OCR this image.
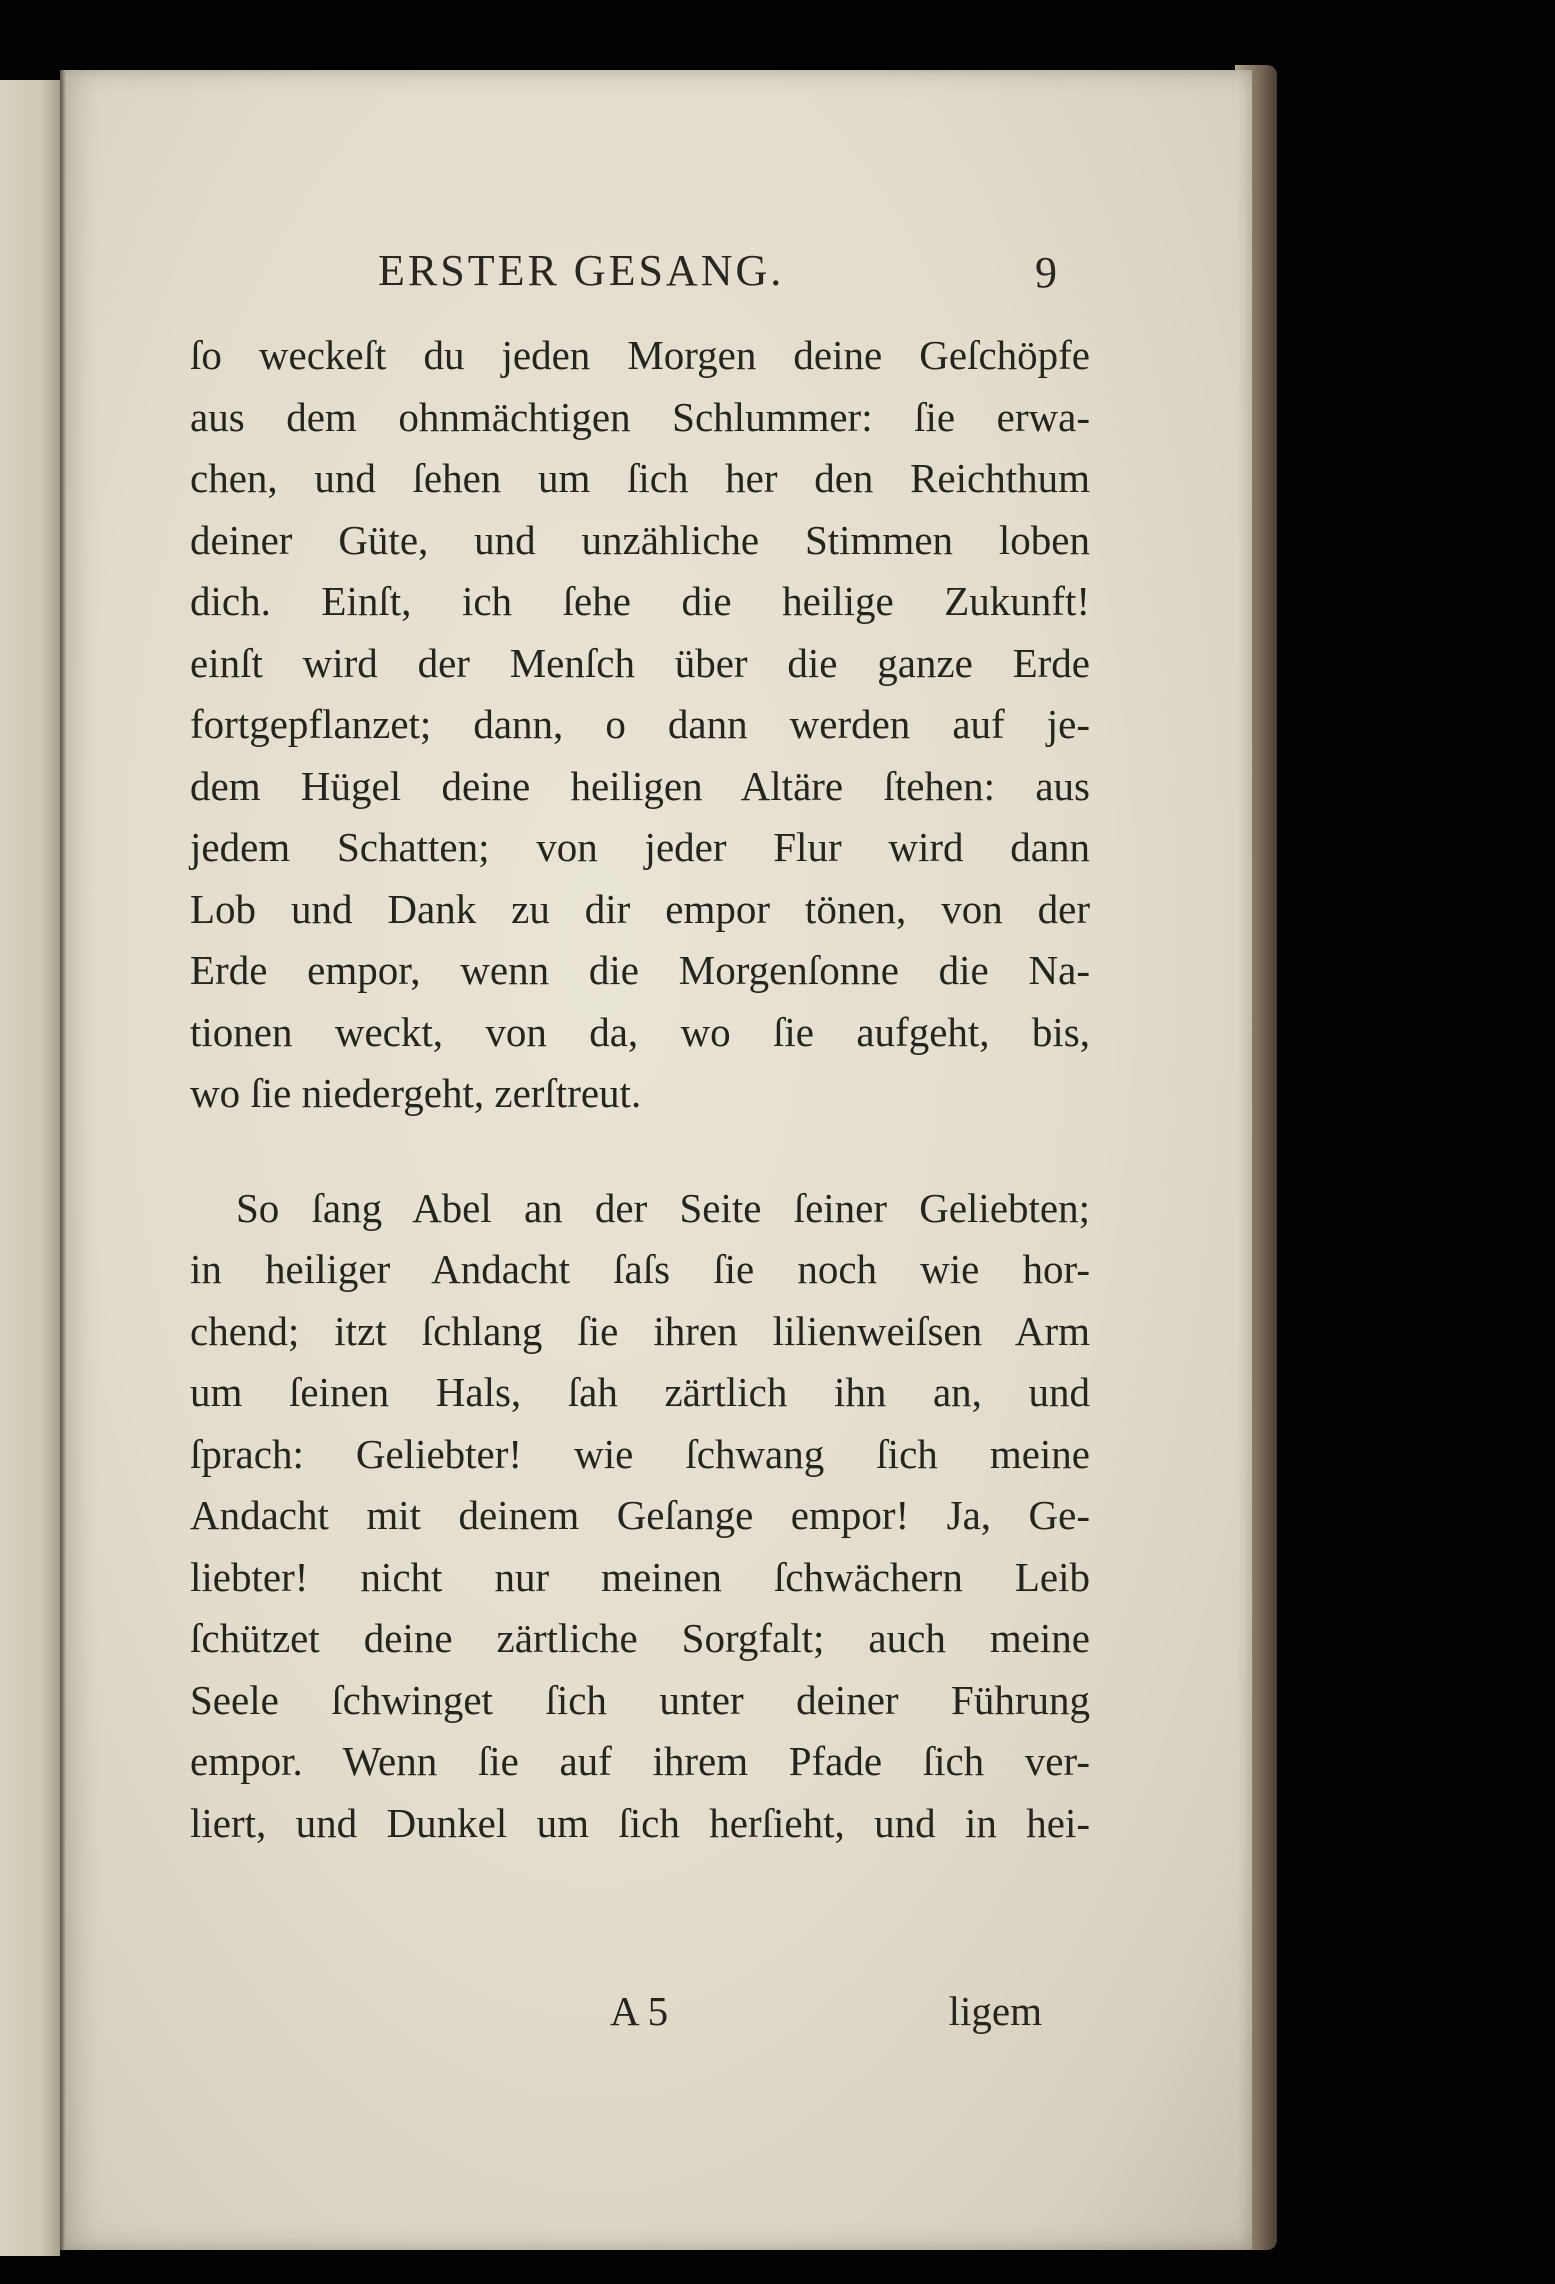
ERSTER GESANG.	9
ſo weckeſt du jeden Morgen deine Geſchöpfe
aus dem ohnmächtigen Schlummer: ſie erwa-
chen, und ſehen um ſich her den Reichthum
deiner Güte, und unzähliche Stimmen loben
dich. Einſt, ich ſehe die heilige Zukunft!
einſt wird der Menſch über die ganze Erde
fortgepflanzet; dann, o dann werden auf je-
dem Hügel deine heiligen Altäre ſtehen: aus
jedem Schatten; von jeder Flur wird dann
Lob und Dank zu dir empor tönen, von der
Erde empor, wenn die Morgenſonne die Na-
tionen weckt, von da, wo ſie aufgeht, bis,
wo ſie niedergeht, zerſtreut.
So ſang Abel an der Seite ſeiner Geliebten;
in heiliger Andacht ſaſs ſie noch wie hor-
chend; itzt ſchlang ſie ihren lilienweiſsen Arm
um ſeinen Hals, ſah zärtlich ihn an, und
ſprach: Geliebter! wie ſchwang ſich meine
Andacht mit deinem Geſange empor! Ja, Ge-
liebter! nicht nur meinen ſchwächern Leib
ſchützet deine zärtliche Sorgfalt; auch meine
Seele ſchwinget ſich unter deiner Führung
empor. Wenn ſie auf ihrem Pfade ſich ver-
liert, und Dunkel um ſich herſieht, und in hei-
A 5	ligem
